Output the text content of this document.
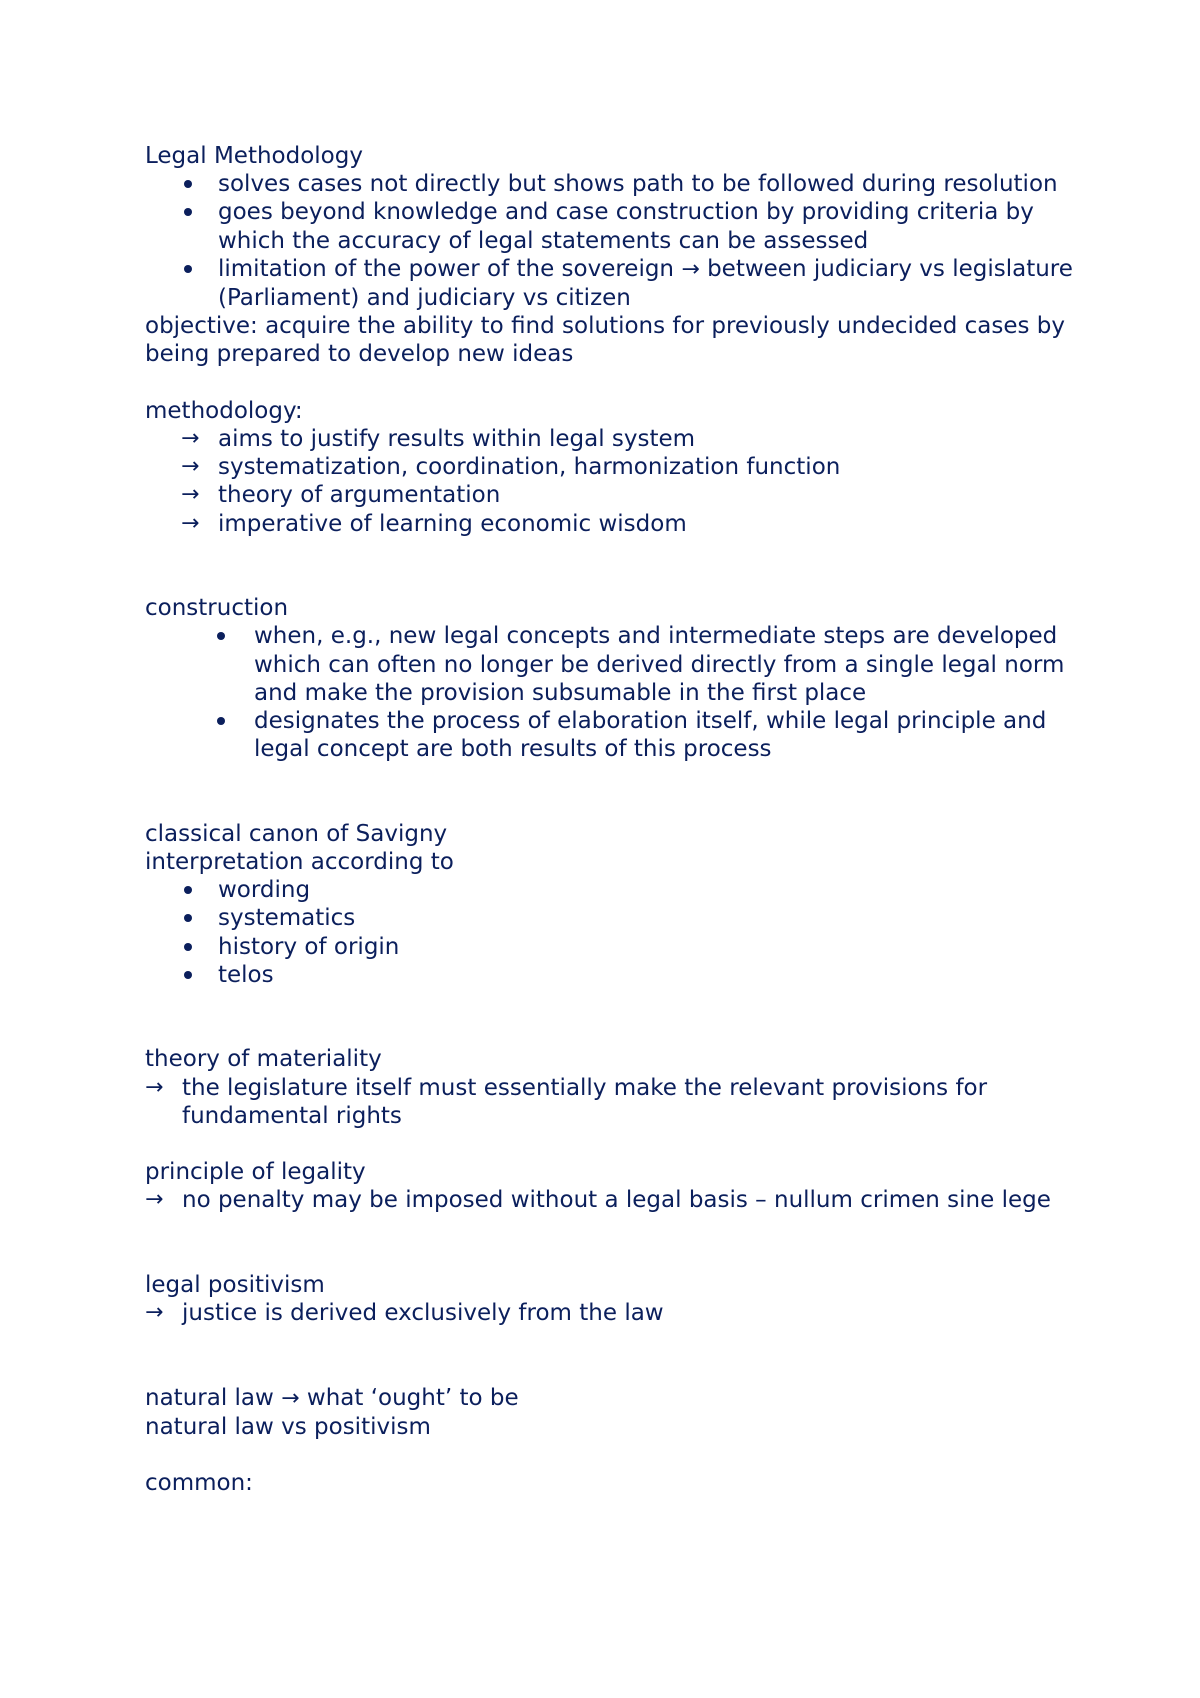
Legal Methodology
solves cases not directly but shows path to be followed during resolution
goes beyond knowledge and case construction by providing criteria by which the accuracy of legal statements can be assessed
limitation of the power of the sovereign → between judiciary vs legislature (Parliament) and judiciary vs citizen
objective: acquire the ability to find solutions for previously undecided cases by being prepared to develop new ideas
methodology:
→ aims to justify results within legal system
→ systematization, coordination, harmonization function
→ theory of argumentation
→ imperative of learning economic wisdom
construction
when, e.g., new legal concepts and intermediate steps are developed which can often no longer be derived directly from a single legal norm and make the provision subsumable in the first place
designates the process of elaboration itself, while legal principle and legal concept are both results of this process
classical canon of Savigny
interpretation according to
wording
systematics
history of origin
telos
theory of materiality
→ the legislature itself must essentially make the relevant provisions for fundamental rights
principle of legality
→ no penalty may be imposed without a legal basis – nullum crimen sine lege
legal positivism
→ justice is derived exclusively from the law
natural law → what ‘ought’ to be
natural law vs positivism
common:
